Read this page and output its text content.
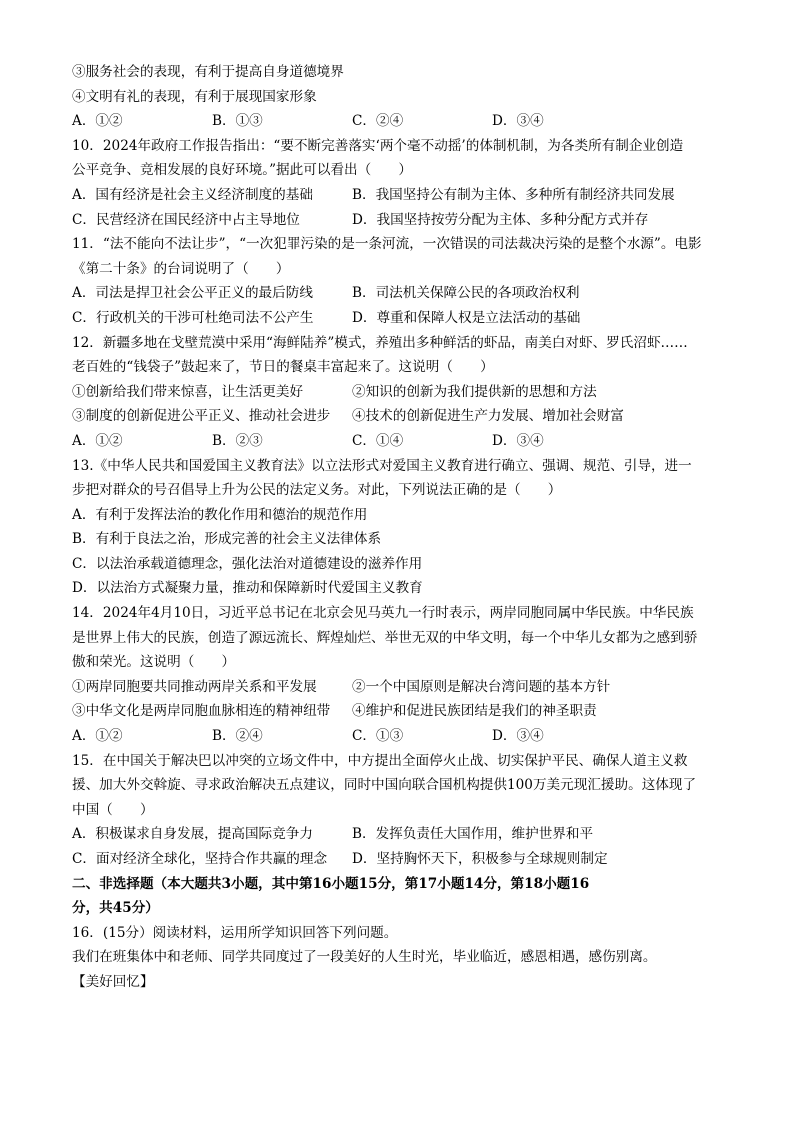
③服务社会的表现，有利于提高自身道德境界
④文明有礼的表现，有利于展现国家形象
A．①②	B．①③	C．②④	D．③④
10．2024年政府工作报告指出：“要不断完善落实‘两个毫不动摇’的体制机制，为各类所有制企业创造
公平竞争、竞相发展的良好环境。”据此可以看出（　　）
A．国有经济是社会主义经济制度的基础	B．我国坚持公有制为主体、多种所有制经济共同发展
C．民营经济在国民经济中占主导地位	D．我国坚持按劳分配为主体、多种分配方式并存
11．“法不能向不法让步”，“一次犯罪污染的是一条河流，一次错误的司法裁决污染的是整个水源”。电影
《第二十条》的台词说明了（　　）
A．司法是捍卫社会公平正义的最后防线	B．司法机关保障公民的各项政治权利
C．行政机关的干涉可杜绝司法不公产生	D．尊重和保障人权是立法活动的基础
12．新疆多地在戈壁荒漠中采用“海鲜陆养”模式，养殖出多种鲜活的虾品，南美白对虾、罗氏沼虾……
老百姓的“钱袋子”鼓起来了，节日的餐桌丰富起来了。这说明（　　）
①创新给我们带来惊喜，让生活更美好	②知识的创新为我们提供新的思想和方法
③制度的创新促进公平正义、推动社会进步	④技术的创新促进生产力发展、增加社会财富
A．①②	B．②③	C．①④	D．③④
13.《中华人民共和国爱国主义教育法》以立法形式对爱国主义教育进行确立、强调、规范、引导，进一
步把对群众的号召倡导上升为公民的法定义务。对此，下列说法正确的是（　　）
A．有利于发挥法治的教化作用和德治的规范作用
B．有利于良法之治，形成完善的社会主义法律体系
C．以法治承载道德理念，强化法治对道德建设的滋养作用
D．以法治方式凝聚力量，推动和保障新时代爱国主义教育
14．2024年4月10日，习近平总书记在北京会见马英九一行时表示，两岸同胞同属中华民族。中华民族
是世界上伟大的民族，创造了源远流长、辉煌灿烂、举世无双的中华文明，每一个中华儿女都为之感到骄
傲和荣光。这说明（　　）
①两岸同胞要共同推动两岸关系和平发展	②一个中国原则是解决台湾问题的基本方针
③中华文化是两岸同胞血脉相连的精神纽带	④维护和促进民族团结是我们的神圣职责
A．①②	B．②④	C．①③	D．③④
15．在中国关于解决巴以冲突的立场文件中，中方提出全面停火止战、切实保护平民、确保人道主义救
援、加大外交斡旋、寻求政治解决五点建议，同时中国向联合国机构提供100万美元现汇援助。这体现了
中国（　　）
A．积极谋求自身发展，提高国际竞争力	B．发挥负责任大国作用，维护世界和平
C．面对经济全球化，坚持合作共赢的理念	D．坚持胸怀天下，积极参与全球规则制定
二、非选择题（本大题共3小题，其中第16小题15分，第17小题14分，第18小题16
分，共45分）
16．(15分）阅读材料，运用所学知识回答下列问题。
我们在班集体中和老师、同学共同度过了一段美好的人生时光，毕业临近，感恩相遇，感伤别离。
【美好回忆】
